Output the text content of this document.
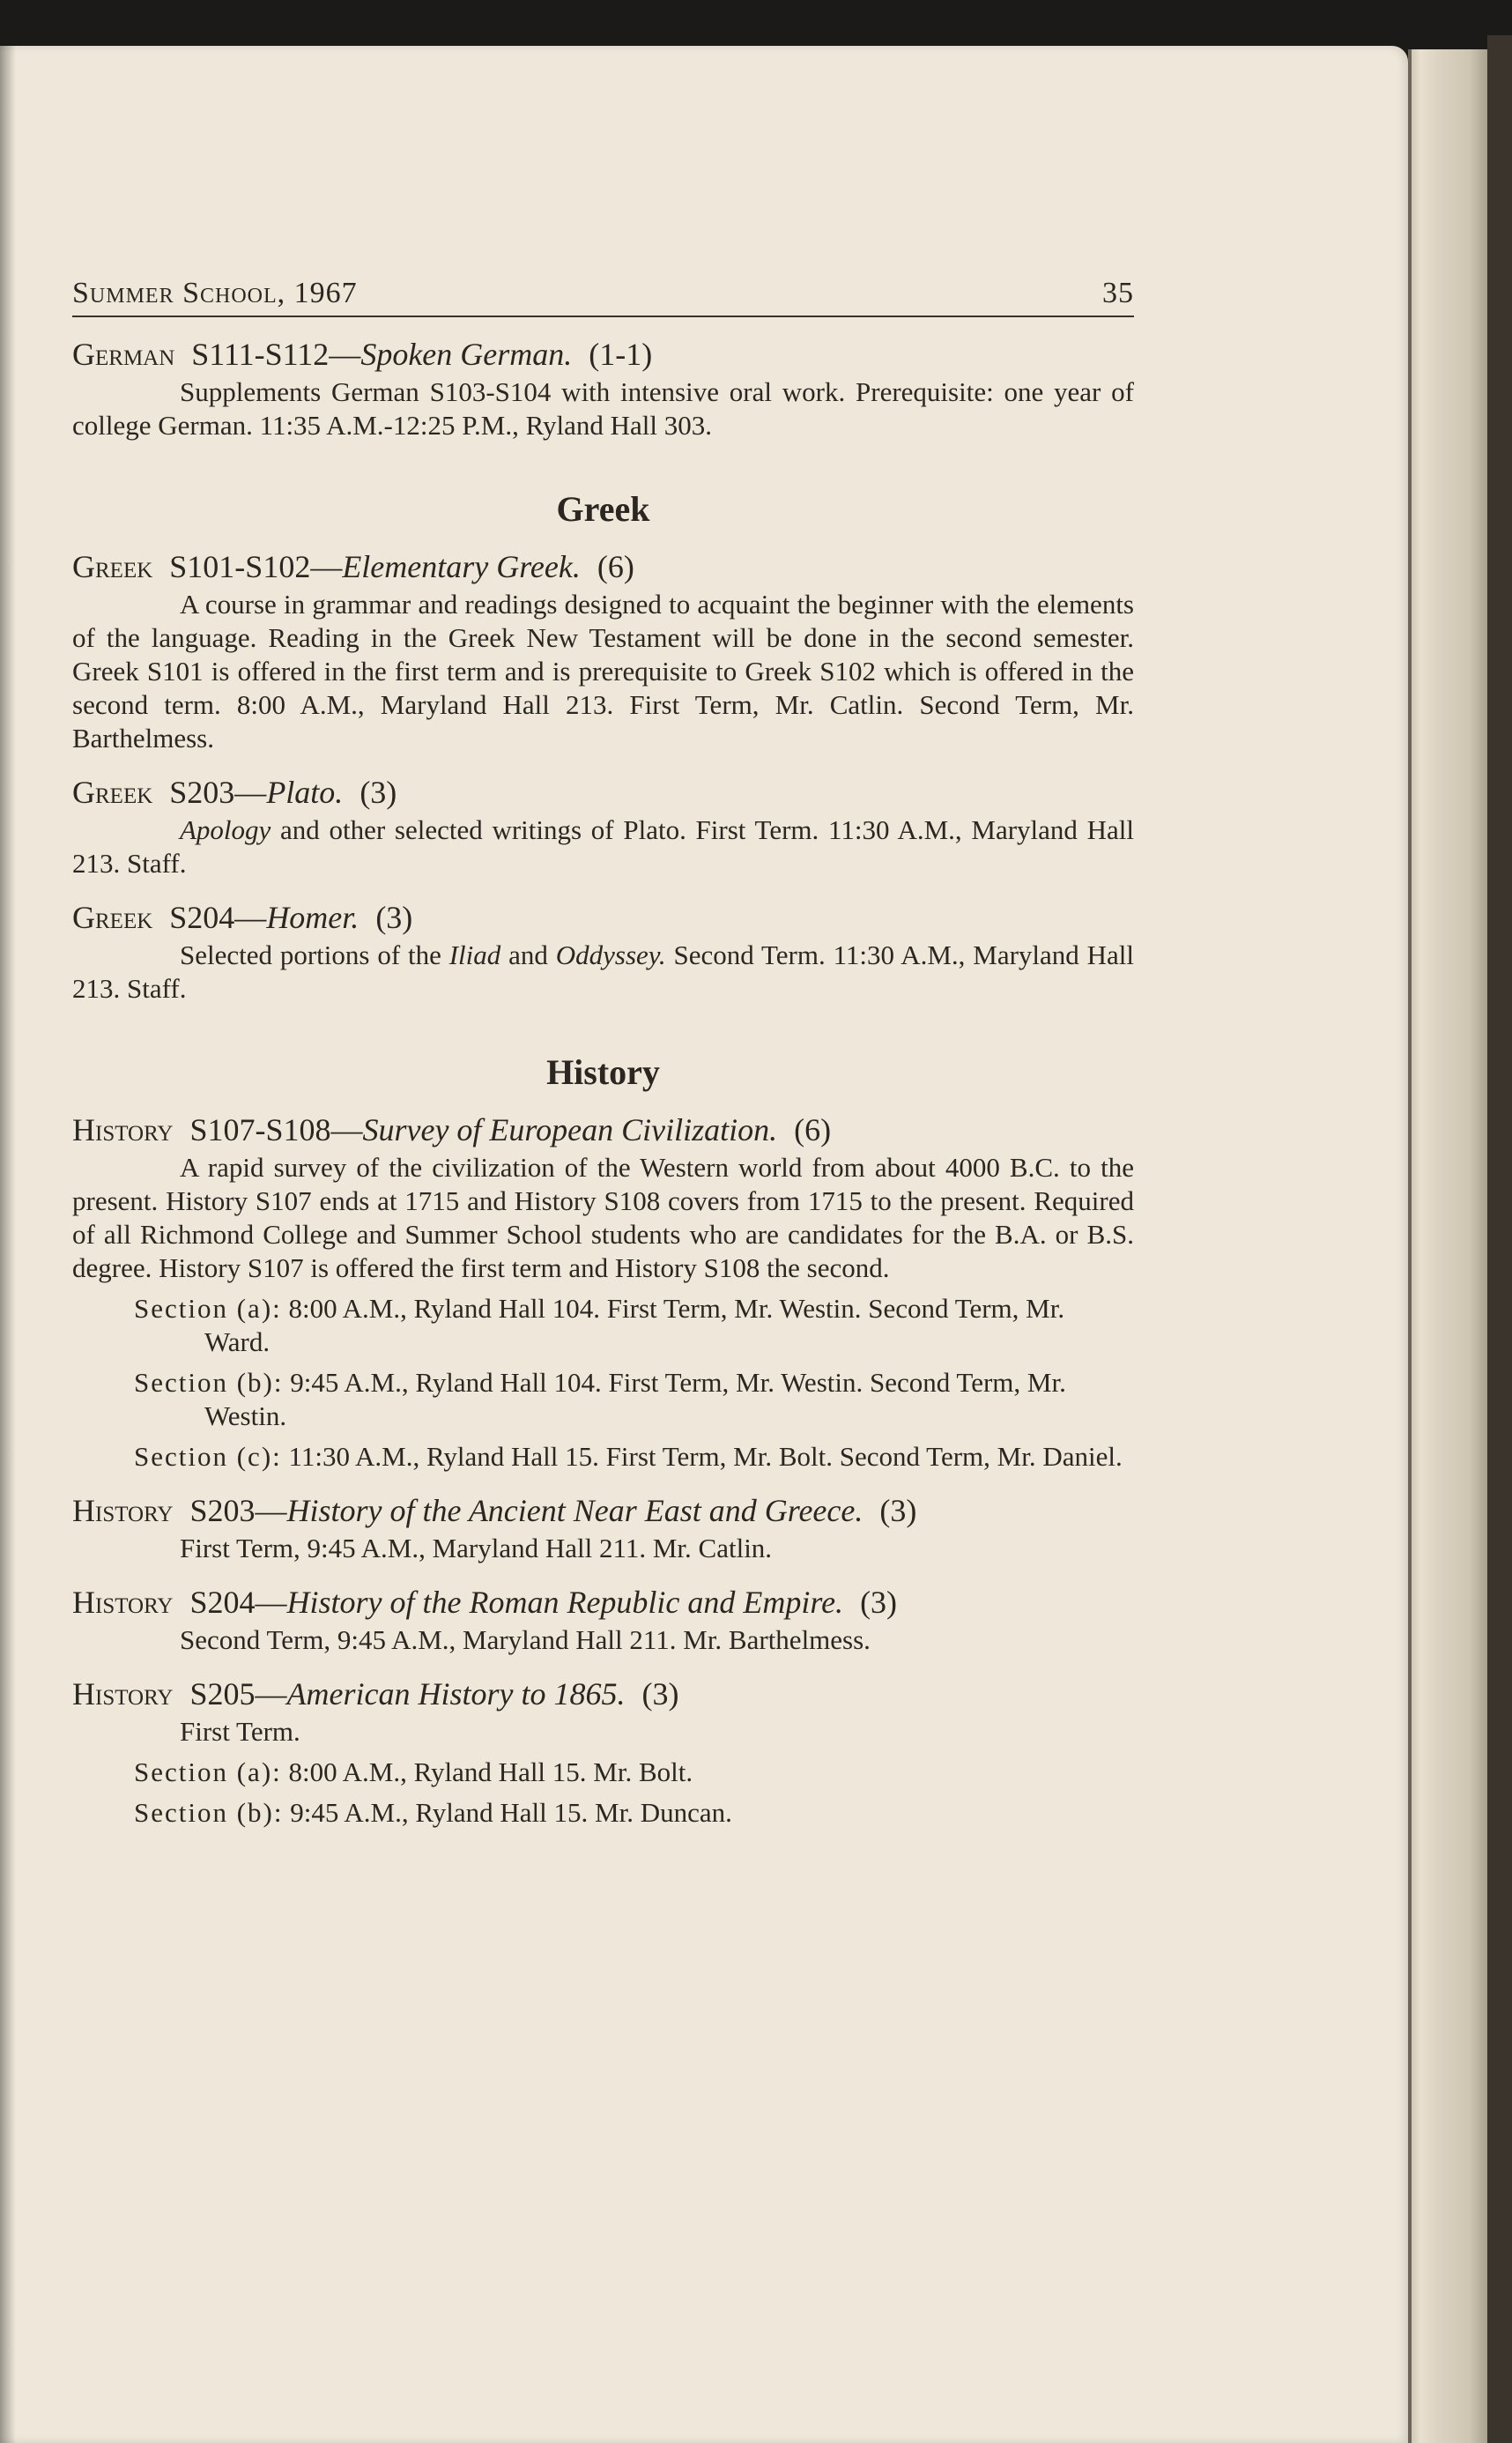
Summer School, 1967	35
German S111-S112—Spoken German. (1-1)
Supplements German S103-S104 with intensive oral work. Prerequisite: one year of college German. 11:35 A.M.-12:25 P.M., Ryland Hall 303.
Greek
Greek S101-S102—Elementary Greek. (6)
A course in grammar and readings designed to acquaint the beginner with the elements of the language. Reading in the Greek New Testament will be done in the second semester. Greek S101 is offered in the first term and is prerequisite to Greek S102 which is offered in the second term. 8:00 A.M., Maryland Hall 213. First Term, Mr. Catlin. Second Term, Mr. Barthelmess.
Greek S203—Plato. (3)
Apology and other selected writings of Plato. First Term. 11:30 A.M., Maryland Hall 213. Staff.
Greek S204—Homer. (3)
Selected portions of the Iliad and Oddyssey. Second Term. 11:30 A.M., Maryland Hall 213. Staff.
History
History S107-S108—Survey of European Civilization. (6)
A rapid survey of the civilization of the Western world from about 4000 B.C. to the present. History S107 ends at 1715 and History S108 covers from 1715 to the present. Required of all Richmond College and Summer School students who are candidates for the B.A. or B.S. degree. History S107 is offered the first term and History S108 the second.
Section (a): 8:00 A.M., Ryland Hall 104. First Term, Mr. Westin. Second Term, Mr. Ward.
Section (b): 9:45 A.M., Ryland Hall 104. First Term, Mr. Westin. Second Term, Mr. Westin.
Section (c): 11:30 A.M., Ryland Hall 15. First Term, Mr. Bolt. Second Term, Mr. Daniel.
History S203—History of the Ancient Near East and Greece. (3)
First Term, 9:45 A.M., Maryland Hall 211. Mr. Catlin.
History S204—History of the Roman Republic and Empire. (3)
Second Term, 9:45 A.M., Maryland Hall 211. Mr. Barthelmess.
History S205—American History to 1865. (3)
First Term.
Section (a): 8:00 A.M., Ryland Hall 15. Mr. Bolt.
Section (b): 9:45 A.M., Ryland Hall 15. Mr. Duncan.
